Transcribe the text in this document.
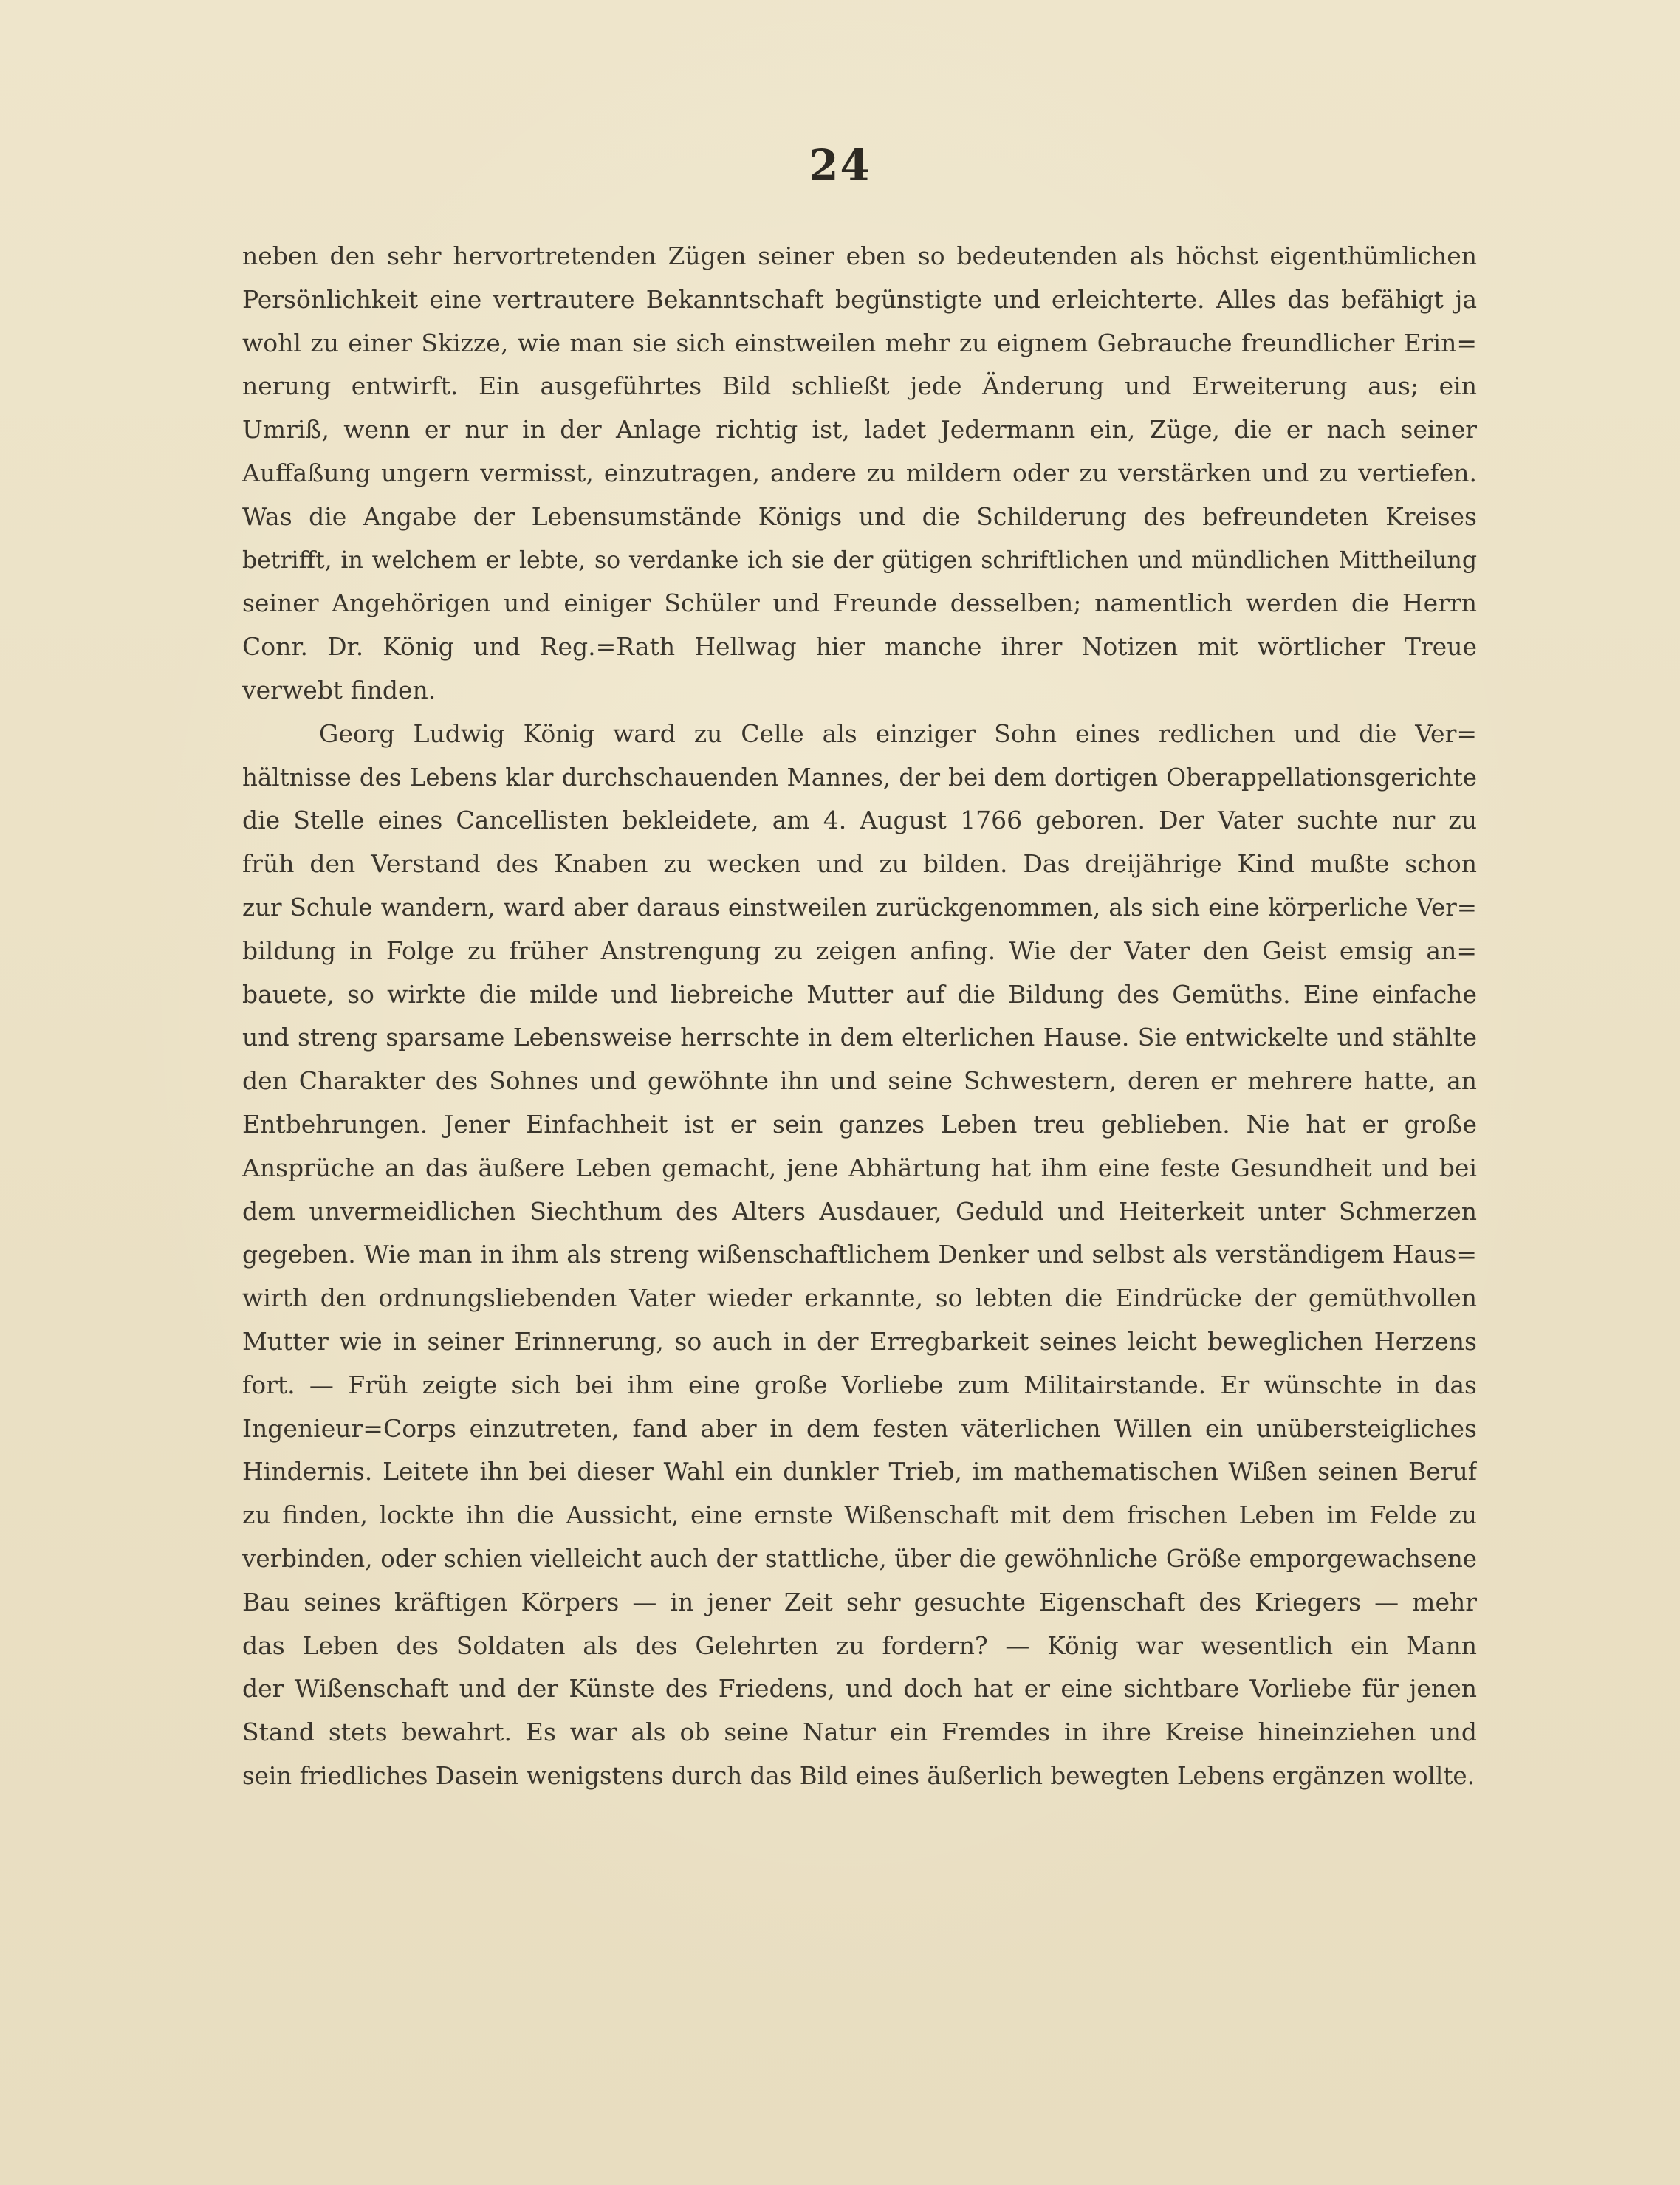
24
neben den sehr hervortretenden Zügen seiner eben so bedeutenden als höchst eigenthümlichen
Persönlichkeit eine vertrautere Bekanntschaft begünstigte und erleichterte. Alles das befähigt ja
wohl zu einer Skizze, wie man sie sich einstweilen mehr zu eignem Gebrauche freundlicher Erin=
nerung entwirft. Ein ausgeführtes Bild schließt jede Änderung und Erweiterung aus; ein
Umriß, wenn er nur in der Anlage richtig ist, ladet Jedermann ein, Züge, die er nach seiner
Auffaßung ungern vermisst, einzutragen, andere zu mildern oder zu verstärken und zu vertiefen.
Was die Angabe der Lebensumstände Königs und die Schilderung des befreundeten Kreises
betrifft, in welchem er lebte, so verdanke ich sie der gütigen schriftlichen und mündlichen Mittheilung
seiner Angehörigen und einiger Schüler und Freunde desselben; namentlich werden die Herrn
Conr. Dr. König und Reg.=Rath Hellwag hier manche ihrer Notizen mit wörtlicher Treue
verwebt finden.
Georg Ludwig König ward zu Celle als einziger Sohn eines redlichen und die Ver=
hältnisse des Lebens klar durchschauenden Mannes, der bei dem dortigen Oberappellationsgerichte
die Stelle eines Cancellisten bekleidete, am 4. August 1766 geboren. Der Vater suchte nur zu
früh den Verstand des Knaben zu wecken und zu bilden. Das dreijährige Kind mußte schon
zur Schule wandern, ward aber daraus einstweilen zurückgenommen, als sich eine körperliche Ver=
bildung in Folge zu früher Anstrengung zu zeigen anfing. Wie der Vater den Geist emsig an=
bauete, so wirkte die milde und liebreiche Mutter auf die Bildung des Gemüths. Eine einfache
und streng sparsame Lebensweise herrschte in dem elterlichen Hause. Sie entwickelte und stählte
den Charakter des Sohnes und gewöhnte ihn und seine Schwestern, deren er mehrere hatte, an
Entbehrungen. Jener Einfachheit ist er sein ganzes Leben treu geblieben. Nie hat er große
Ansprüche an das äußere Leben gemacht, jene Abhärtung hat ihm eine feste Gesundheit und bei
dem unvermeidlichen Siechthum des Alters Ausdauer, Geduld und Heiterkeit unter Schmerzen
gegeben. Wie man in ihm als streng wißenschaftlichem Denker und selbst als verständigem Haus=
wirth den ordnungsliebenden Vater wieder erkannte, so lebten die Eindrücke der gemüthvollen
Mutter wie in seiner Erinnerung, so auch in der Erregbarkeit seines leicht beweglichen Herzens
fort. — Früh zeigte sich bei ihm eine große Vorliebe zum Militairstande. Er wünschte in das
Ingenieur=Corps einzutreten, fand aber in dem festen väterlichen Willen ein unübersteigliches
Hindernis. Leitete ihn bei dieser Wahl ein dunkler Trieb, im mathematischen Wißen seinen Beruf
zu finden, lockte ihn die Aussicht, eine ernste Wißenschaft mit dem frischen Leben im Felde zu
verbinden, oder schien vielleicht auch der stattliche, über die gewöhnliche Größe emporgewachsene
Bau seines kräftigen Körpers — in jener Zeit sehr gesuchte Eigenschaft des Kriegers — mehr
das Leben des Soldaten als des Gelehrten zu fordern? — König war wesentlich ein Mann
der Wißenschaft und der Künste des Friedens, und doch hat er eine sichtbare Vorliebe für jenen
Stand stets bewahrt. Es war als ob seine Natur ein Fremdes in ihre Kreise hineinziehen und
sein friedliches Dasein wenigstens durch das Bild eines äußerlich bewegten Lebens ergänzen wollte.
